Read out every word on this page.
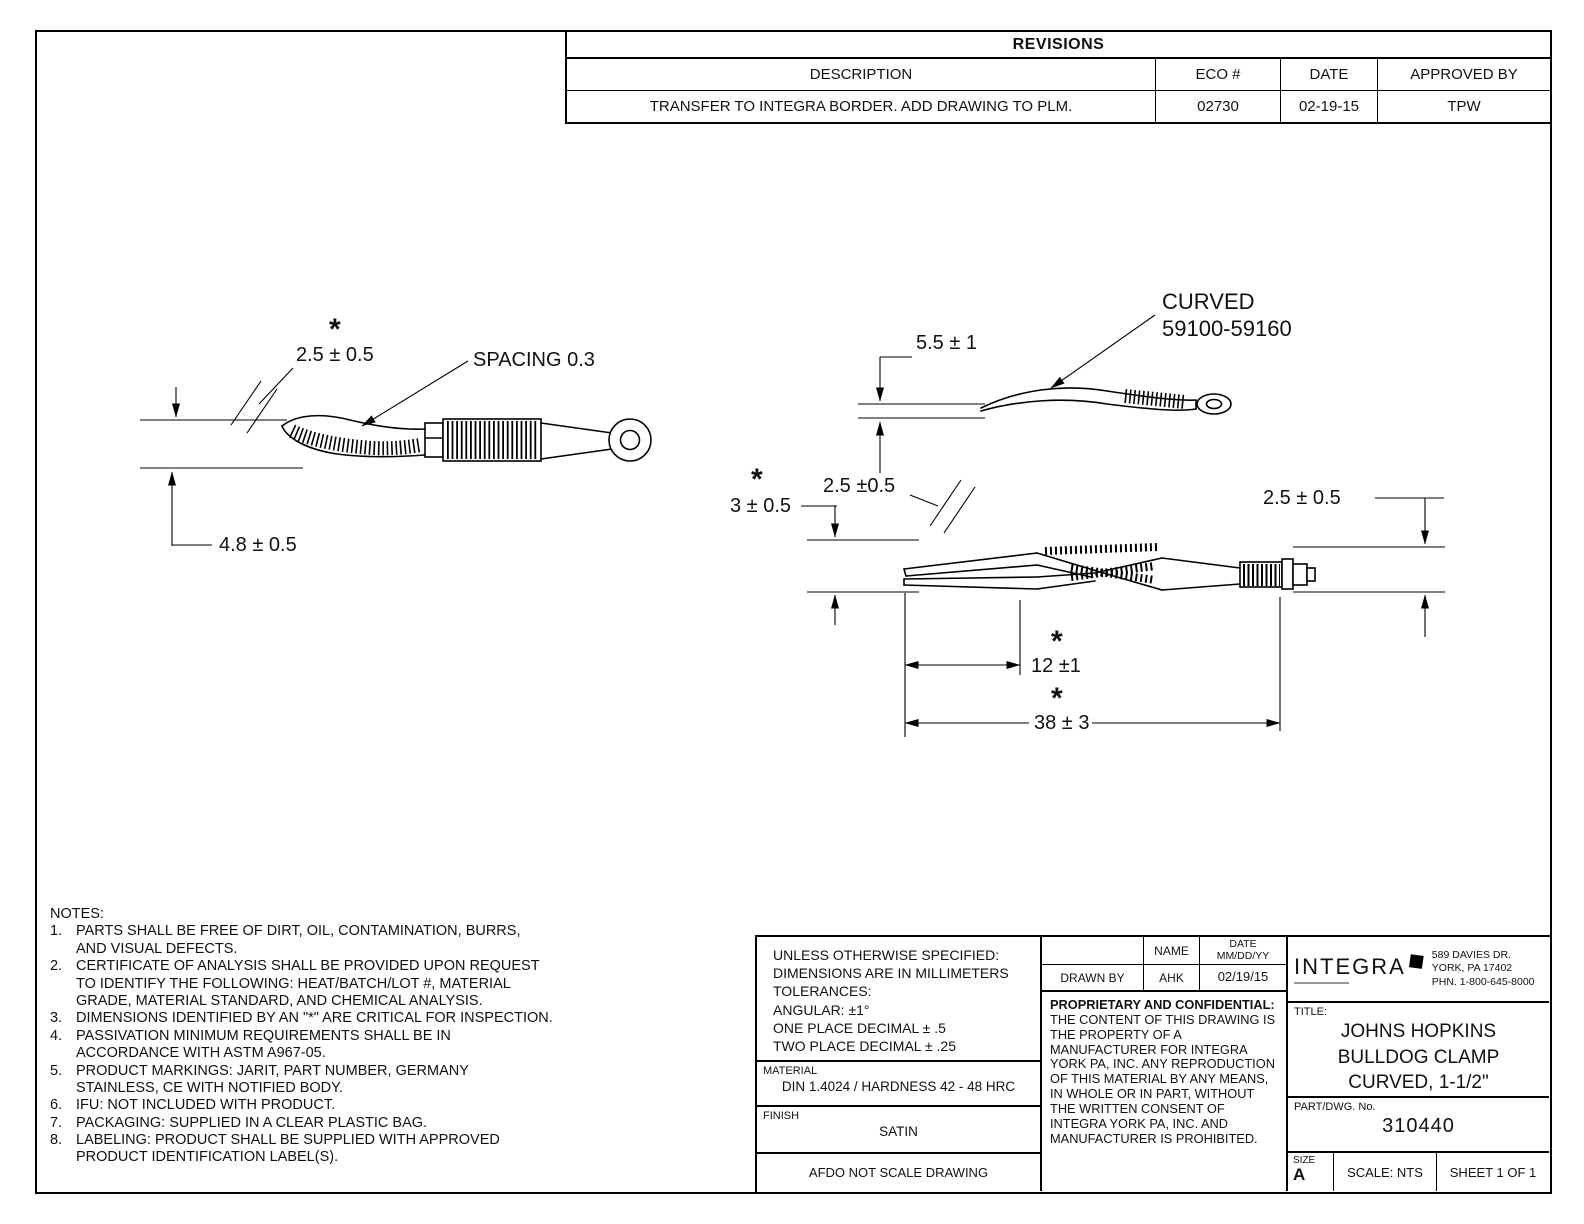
REVISIONS
DESCRIPTION	ECO #	DATE	APPROVED BY
TRANSFER TO INTEGRA BORDER. ADD DRAWING TO PLM.	02730	02-19-15	TPW
4.8 ± 0.5
2.5 ± 0.5
*
SPACING 0.3
5.5 ± 1
CURVED
59100-59160
*
3 ± 0.5
2.5 ±0.5
2.5 ± 0.5
12 ±1
*
38 ± 3
*
NOTES:
1. PARTS SHALL BE FREE OF DIRT, OIL, CONTAMINATION, BURRS, AND VISUAL DEFECTS.
2. CERTIFICATE OF ANALYSIS SHALL BE PROVIDED UPON REQUEST TO IDENTIFY THE FOLLOWING: HEAT/BATCH/LOT #, MATERIAL GRADE, MATERIAL STANDARD, AND CHEMICAL ANALYSIS.
3. DIMENSIONS IDENTIFIED BY AN "*" ARE CRITICAL FOR INSPECTION.
4. PASSIVATION MINIMUM REQUIREMENTS SHALL BE IN ACCORDANCE WITH ASTM A967-05.
5. PRODUCT MARKINGS: JARIT, PART NUMBER, GERMANY STAINLESS, CE WITH NOTIFIED BODY.
6. IFU: NOT INCLUDED WITH PRODUCT.
7. PACKAGING: SUPPLIED IN A CLEAR PLASTIC BAG.
8. LABELING: PRODUCT SHALL BE SUPPLIED WITH APPROVED PRODUCT IDENTIFICATION LABEL(S).
UNLESS OTHERWISE SPECIFIED:
DIMENSIONS ARE IN MILLIMETERS
TOLERANCES:
ANGULAR: ±1°
ONE PLACE DECIMAL ± .5
TWO PLACE DECIMAL ± .25
MATERIAL
DIN 1.4024 / HARDNESS 42 - 48 HRC
FINISH
SATIN
AFDO NOT SCALE DRAWING
NAME	DATE
MM/DD/YY
DRAWN BY	AHK	02/19/15
PROPRIETARY AND CONFIDENTIAL:
THE CONTENT OF THIS DRAWING IS THE PROPERTY OF A MANUFACTURER FOR INTEGRA YORK PA, INC. ANY REPRODUCTION OF THIS MATERIAL BY ANY MEANS, IN WHOLE OR IN PART, WITHOUT THE WRITTEN CONSENT OF INTEGRA YORK PA, INC. AND MANUFACTURER IS PROHIBITED.
INTEGRA	589 DAVIES DR.
YORK, PA 17402
PHN. 1-800-645-8000
TITLE:
JOHNS HOPKINS
BULLDOG CLAMP
CURVED, 1-1/2"
PART/DWG. No.
310440
SIZE
A	SCALE: NTS	SHEET 1 OF 1
